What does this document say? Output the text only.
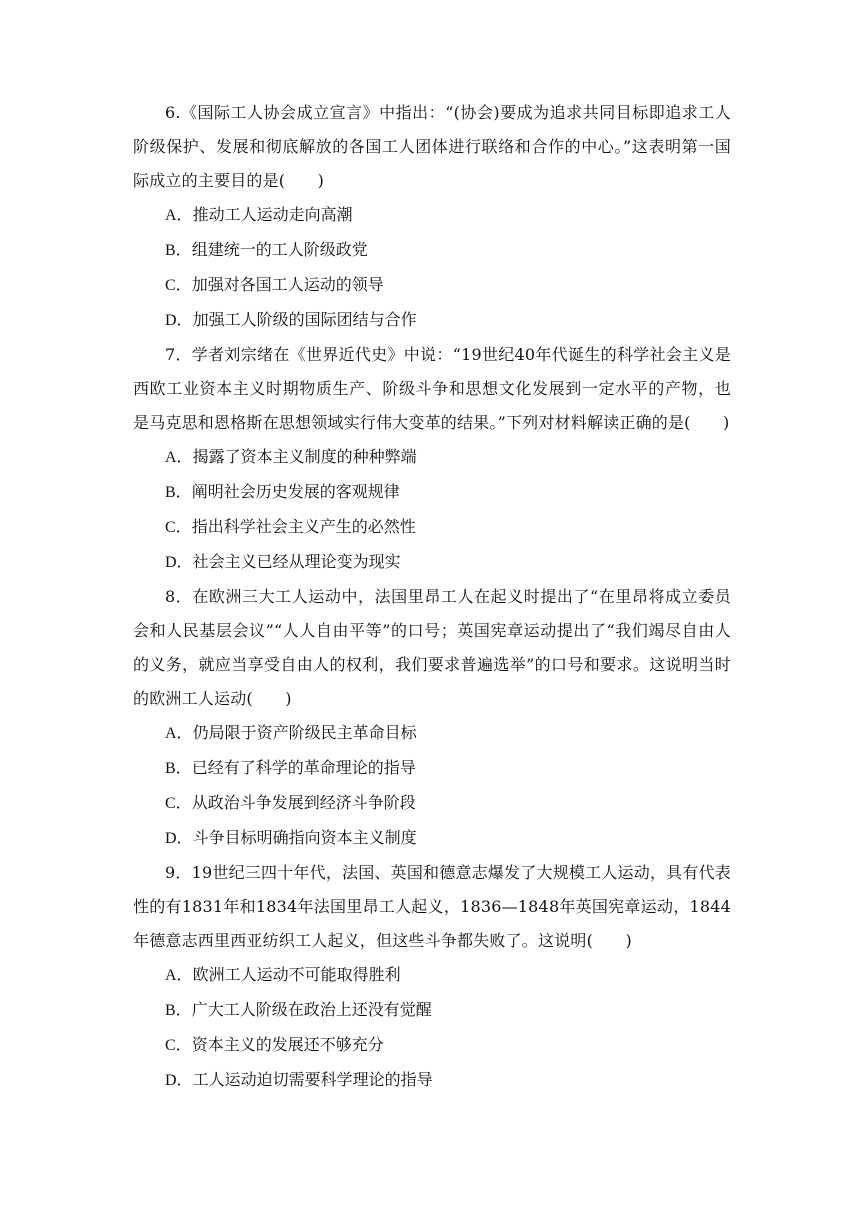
6.《国际工人协会成立宣言》中指出：“(协会)要成为追求共同目标即追求工人阶级保护、发展和彻底解放的各国工人团体进行联络和合作的中心。”这表明第一国际成立的主要目的是(　　)

A．推动工人运动走向高潮
B．组建统一的工人阶级政党
C．加强对各国工人运动的领导
D．加强工人阶级的国际团结与合作

7．学者刘宗绪在《世界近代史》中说：“19世纪40年代诞生的科学社会主义是西欧工业资本主义时期物质生产、阶级斗争和思想文化发展到一定水平的产物，也是马克思和恩格斯在思想领域实行伟大变革的结果。”下列对材料解读正确的是(　　)

A．揭露了资本主义制度的种种弊端
B．阐明社会历史发展的客观规律
C．指出科学社会主义产生的必然性
D．社会主义已经从理论变为现实

8．在欧洲三大工人运动中，法国里昂工人在起义时提出了“在里昂将成立委员会和人民基层会议”“人人自由平等”的口号；英国宪章运动提出了“我们竭尽自由人的义务，就应当享受自由人的权利，我们要求普遍选举”的口号和要求。这说明当时的欧洲工人运动(　　)

A．仍局限于资产阶级民主革命目标
B．已经有了科学的革命理论的指导
C．从政治斗争发展到经济斗争阶段
D．斗争目标明确指向资本主义制度

9．19世纪三四十年代，法国、英国和德意志爆发了大规模工人运动，具有代表性的有1831年和1834年法国里昂工人起义，1836—1848年英国宪章运动，1844年德意志西里西亚纺织工人起义，但这些斗争都失败了。这说明(　　)

A．欧洲工人运动不可能取得胜利
B．广大工人阶级在政治上还没有觉醒
C．资本主义的发展还不够充分
D．工人运动迫切需要科学理论的指导
